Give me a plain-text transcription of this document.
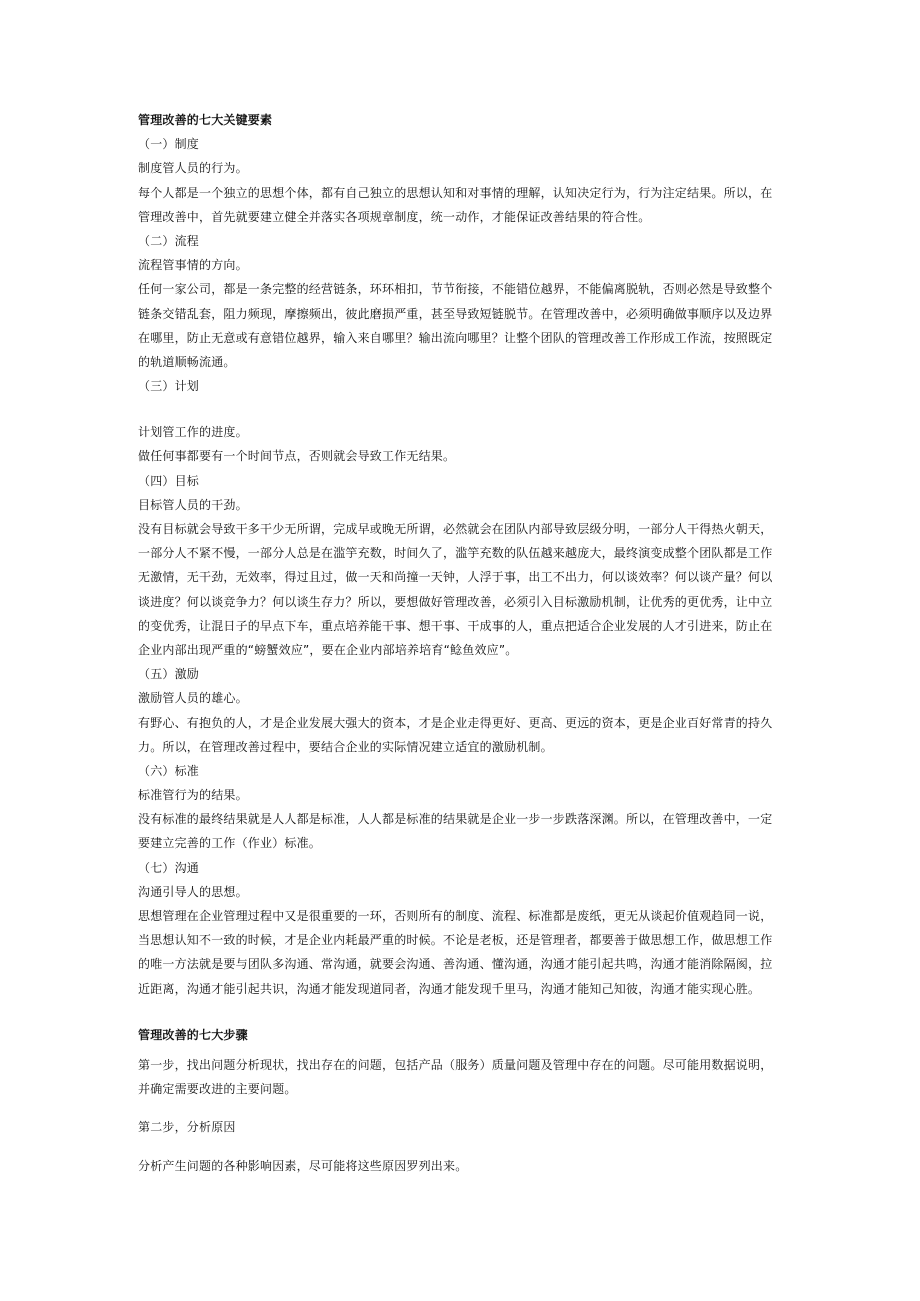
管理改善的七大关键要素
（一）制度
制度管人员的行为。
每个人都是一个独立的思想个体，都有自己独立的思想认知和对事情的理解，认知决定行为，行为注定结果。所以，在
管理改善中，首先就要建立健全并落实各项规章制度，统一动作，才能保证改善结果的符合性。
（二）流程
流程管事情的方向。
任何一家公司，都是一条完整的经营链条，环环相扣，节节衔接，不能错位越界，不能偏离脱轨，否则必然是导致整个
链条交错乱套，阻力频现，摩擦频出，彼此磨损严重，甚至导致短链脱节。在管理改善中，必须明确做事顺序以及边界
在哪里，防止无意或有意错位越界，输入来自哪里？输出流向哪里？让整个团队的管理改善工作形成工作流，按照既定
的轨道顺畅流通。
（三）计划
计划管工作的进度。
做任何事都要有一个时间节点，否则就会导致工作无结果。
（四）目标
目标管人员的干劲。
没有目标就会导致干多干少无所谓，完成早或晚无所谓，必然就会在团队内部导致层级分明，一部分人干得热火朝天，
一部分人不紧不慢，一部分人总是在滥竽充数，时间久了，滥竽充数的队伍越来越庞大，最终演变成整个团队都是工作
无激情，无干劲，无效率，得过且过，做一天和尚撞一天钟，人浮于事，出工不出力，何以谈效率？何以谈产量？何以
谈进度？何以谈竞争力？何以谈生存力？所以，要想做好管理改善，必须引入目标激励机制，让优秀的更优秀，让中立
的变优秀，让混日子的早点下车，重点培养能干事、想干事、干成事的人，重点把适合企业发展的人才引进来，防止在
企业内部出现严重的“螃蟹效应”，要在企业内部培养培育“鲶鱼效应”。
（五）激励
激励管人员的雄心。
有野心、有抱负的人，才是企业发展大强大的资本，才是企业走得更好、更高、更远的资本，更是企业百好常青的持久
力。所以，在管理改善过程中，要结合企业的实际情况建立适宜的激励机制。
（六）标准
标准管行为的结果。
没有标准的最终结果就是人人都是标准，人人都是标准的结果就是企业一步一步跌落深渊。所以，在管理改善中，一定
要建立完善的工作（作业）标准。
（七）沟通
沟通引导人的思想。
思想管理在企业管理过程中又是很重要的一环，否则所有的制度、流程、标准都是废纸，更无从谈起价值观趋同一说，
当思想认知不一致的时候，才是企业内耗最严重的时候。不论是老板，还是管理者，都要善于做思想工作，做思想工作
的唯一方法就是要与团队多沟通、常沟通，就要会沟通、善沟通、懂沟通，沟通才能引起共鸣，沟通才能消除隔阂，拉
近距离，沟通才能引起共识，沟通才能发现道同者，沟通才能发现千里马，沟通才能知己知彼，沟通才能实现心胜。
管理改善的七大步骤
第一步，找出问题分析现状，找出存在的问题，包括产品（服务）质量问题及管理中存在的问题。尽可能用数据说明，
并确定需要改进的主要问题。
第二步，分析原因
分析产生问题的各种影响因素，尽可能将这些原因罗列出来。
